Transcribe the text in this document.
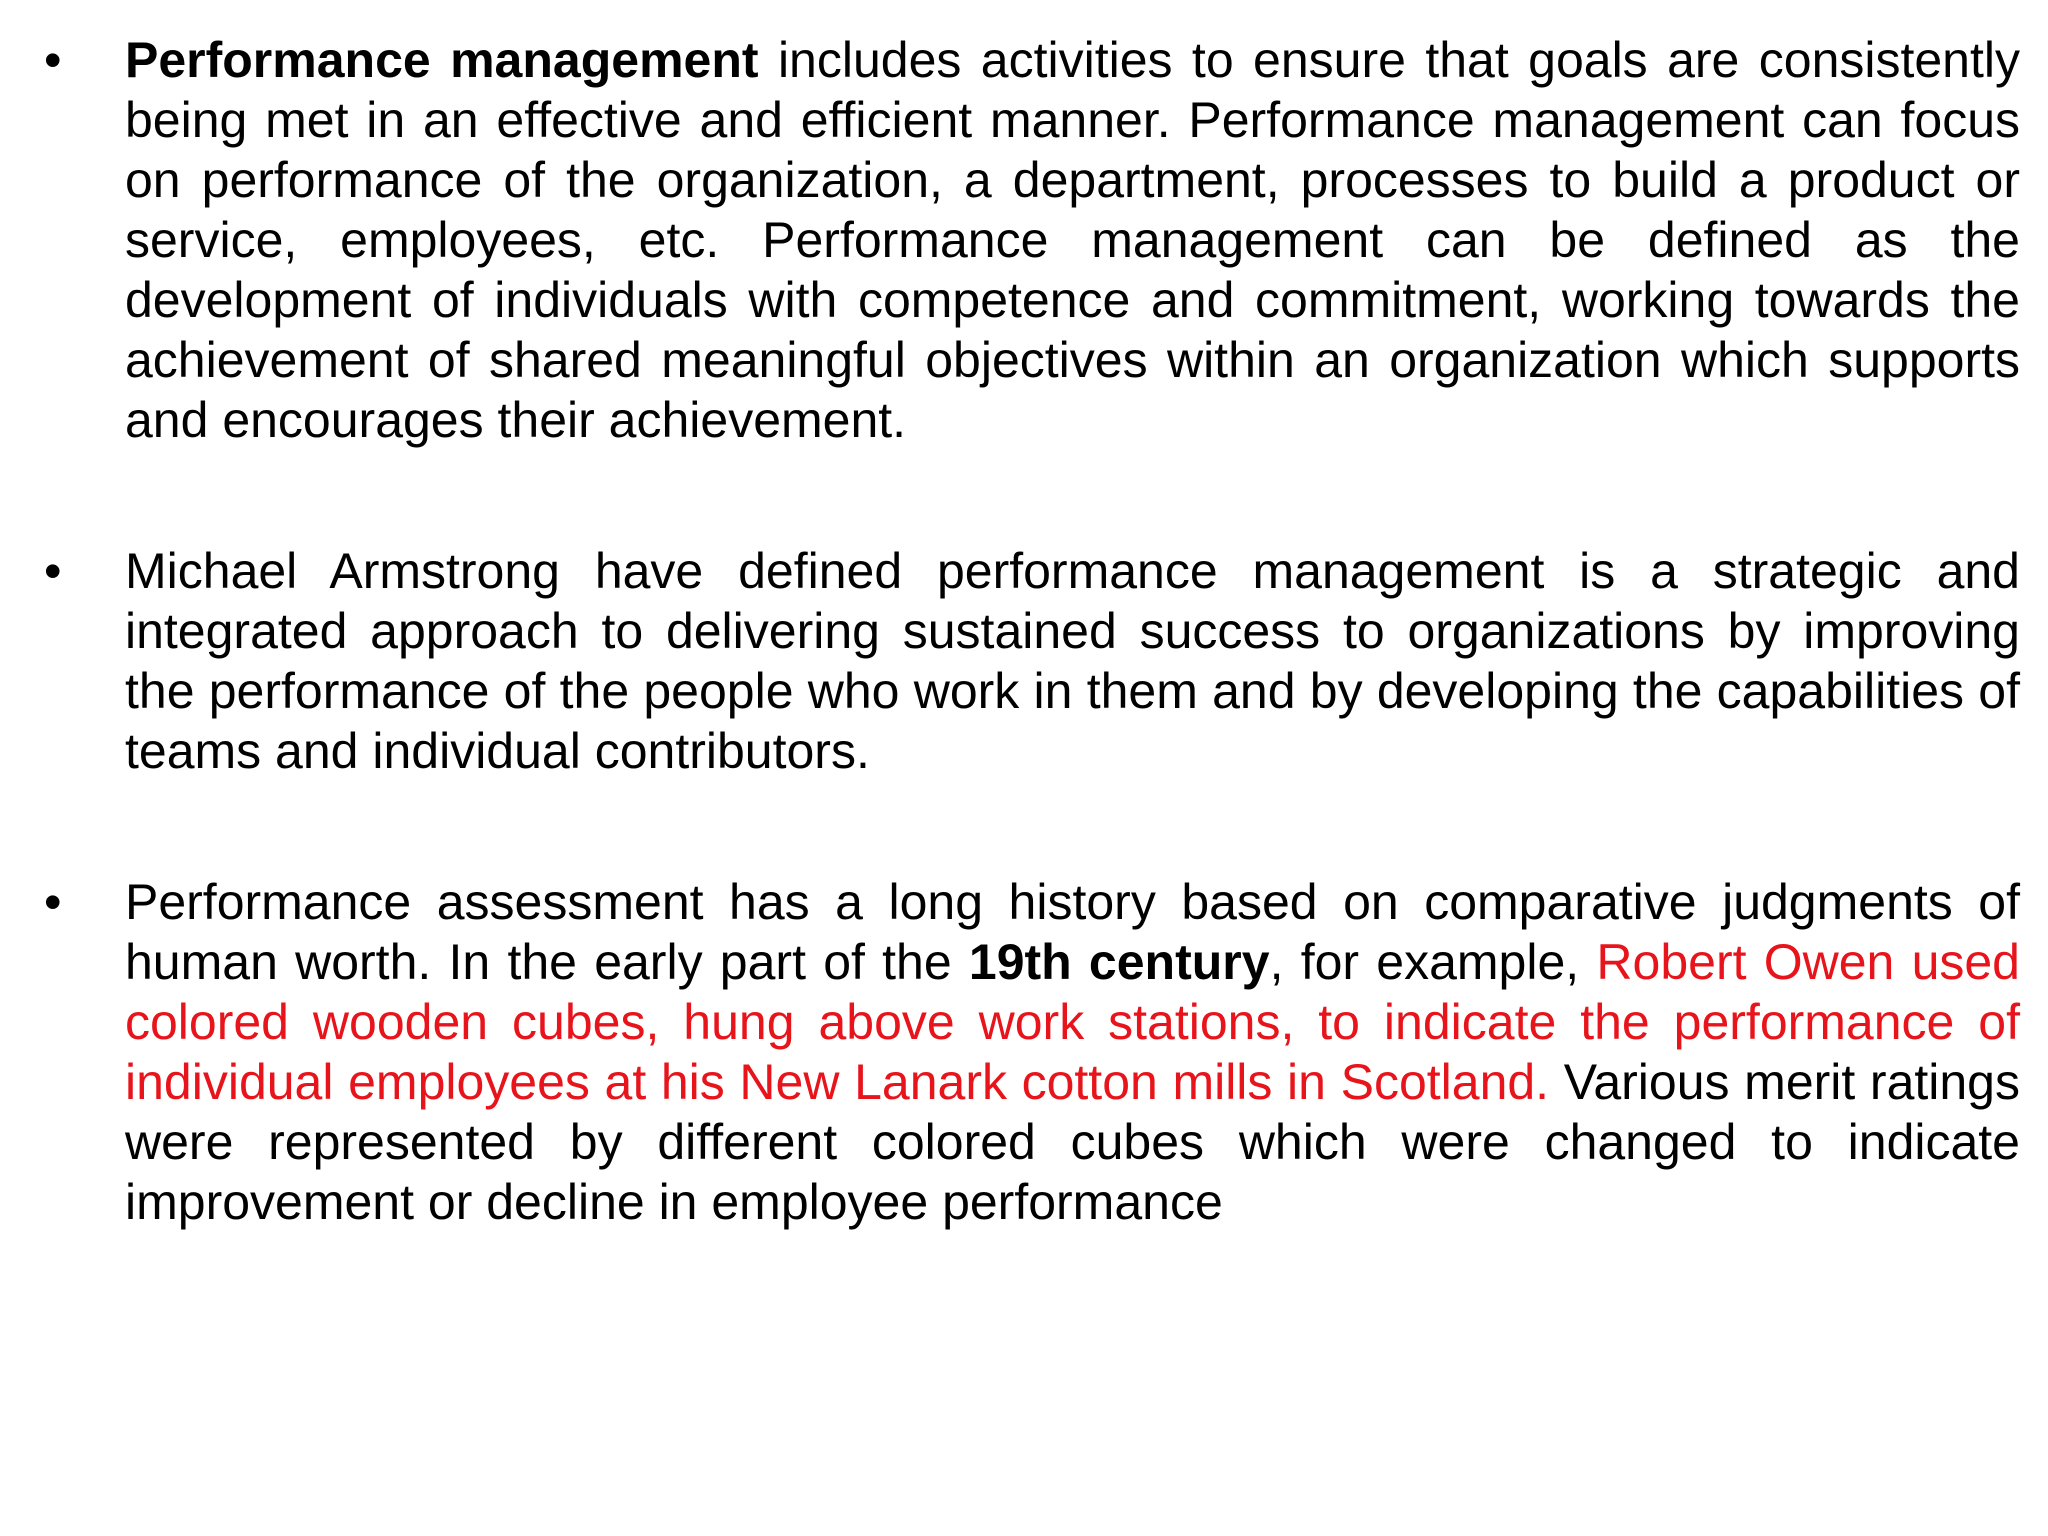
• Performance management includes activities to ensure that goals are consistently being met in an effective and efficient manner. Performance management can focus on performance of the organization, a department, processes to build a product or service, employees, etc. Performance management can be defined as the development of individuals with competence and commitment, working towards the achievement of shared meaningful objectives within an organization which supports and encourages their achievement.
• Michael Armstrong have defined performance management is a strategic and integrated approach to delivering sustained success to organizations by improving the performance of the people who work in them and by developing the capabilities of teams and individual contributors.
• Performance assessment has a long history based on comparative judgments of human worth. In the early part of the 19th century, for example, Robert Owen used colored wooden cubes, hung above work stations, to indicate the performance of individual employees at his New Lanark cotton mills in Scotland. Various merit ratings were represented by different colored cubes which were changed to indicate improvement or decline in employee performance
